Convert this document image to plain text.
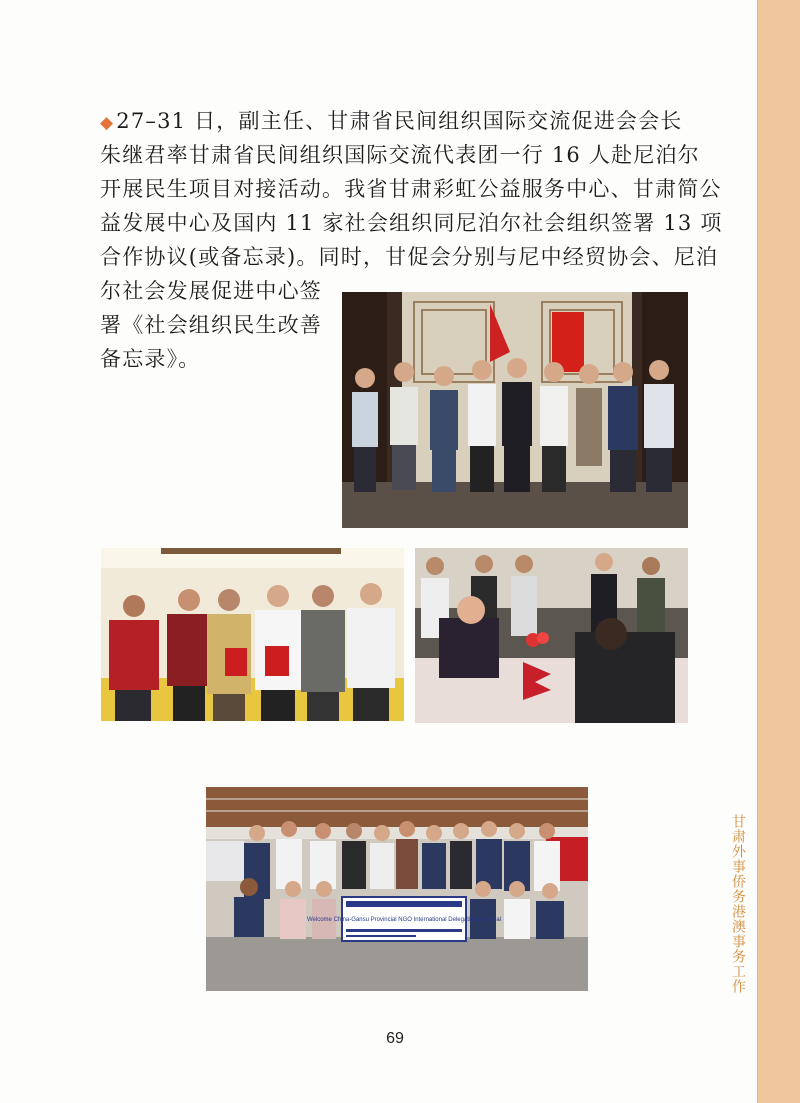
甘肃外事侨务港澳事务工作
◆27–31 日，副主任、甘肃省民间组织国际交流促进会会长
朱继君率甘肃省民间组织国际交流代表团一行 16 人赴尼泊尔
开展民生项目对接活动。我省甘肃彩虹公益服务中心、甘肃简公
益发展中心及国内 11 家社会组织同尼泊尔社会组织签署 13 项
合作协议(或备忘录)。同时，甘促会分别与尼中经贸协会、尼泊
尔社会发展促进中心签
署《社会组织民生改善
备忘录》。
Welcome China-Gansu Provincial NGO International Delegation to Nepal
69
